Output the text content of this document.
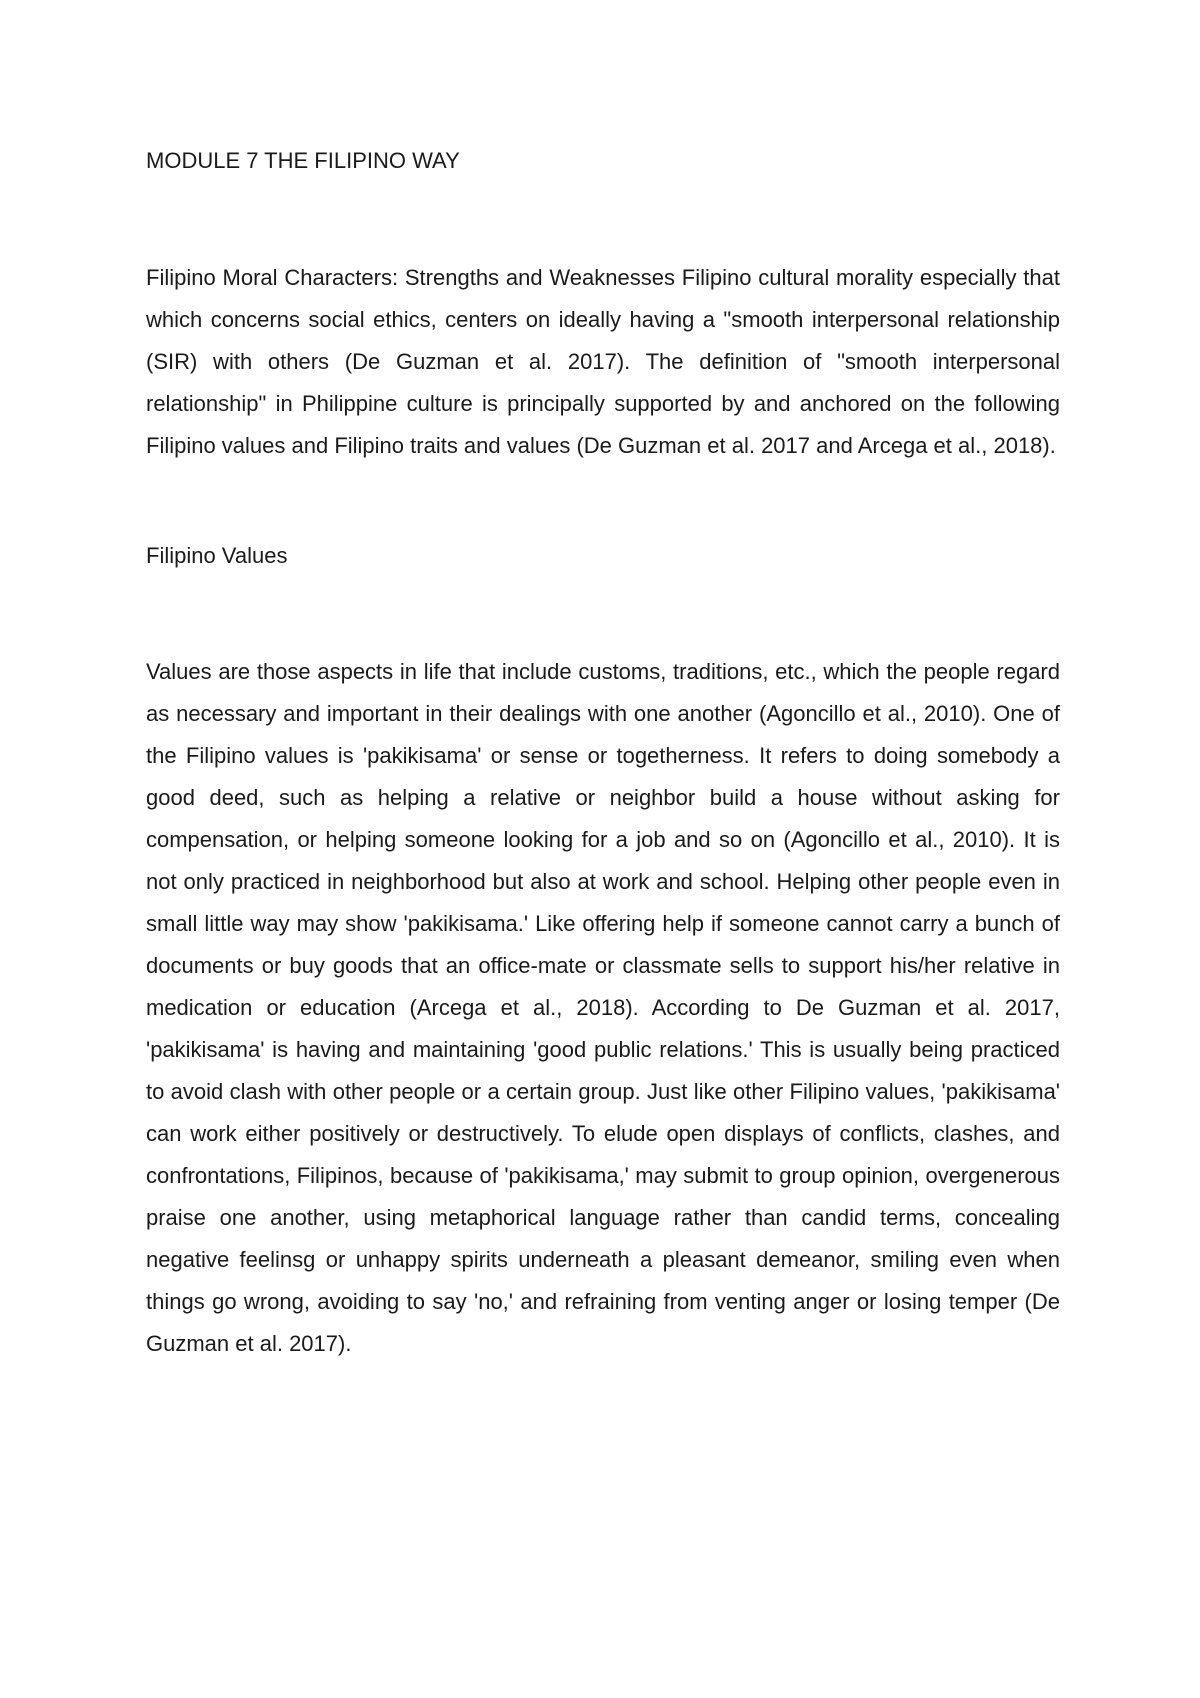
MODULE 7 THE FILIPINO WAY

Filipino Moral Characters: Strengths and Weaknesses Filipino cultural morality especially that which concerns social ethics, centers on ideally having a "smooth interpersonal relationship (SIR) with others (De Guzman et al. 2017). The definition of "smooth interpersonal relationship" in Philippine culture is principally supported by and anchored on the following Filipino values and Filipino traits and values (De Guzman et al. 2017 and Arcega et al., 2018).

Filipino Values

Values are those aspects in life that include customs, traditions, etc., which the people regard as necessary and important in their dealings with one another (Agoncillo et al., 2010). One of the Filipino values is 'pakikisama' or sense or togetherness. It refers to doing somebody a good deed, such as helping a relative or neighbor build a house without asking for compensation, or helping someone looking for a job and so on (Agoncillo et al., 2010). It is not only practiced in neighborhood but also at work and school. Helping other people even in small little way may show 'pakikisama.' Like offering help if someone cannot carry a bunch of documents or buy goods that an office-mate or classmate sells to support his/her relative in medication or education (Arcega et al., 2018). According to De Guzman et al. 2017, 'pakikisama' is having and maintaining 'good public relations.' This is usually being practiced to avoid clash with other people or a certain group. Just like other Filipino values, 'pakikisama' can work either positively or destructively. To elude open displays of conflicts, clashes, and confrontations, Filipinos, because of 'pakikisama,' may submit to group opinion, overgenerous praise one another, using metaphorical language rather than candid terms, concealing negative feelinsg or unhappy spirits underneath a pleasant demeanor, smiling even when things go wrong, avoiding to say 'no,' and refraining from venting anger or losing temper (De Guzman et al. 2017).
